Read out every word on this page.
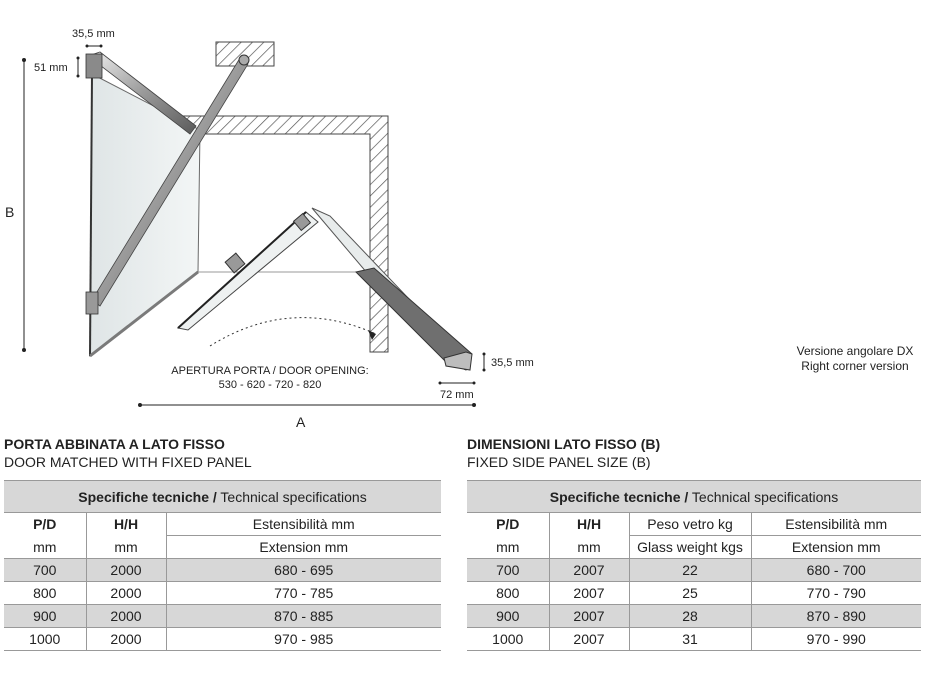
35,5 mm
51 mm
B
A
35,5 mm
72 mm
APERTURA PORTA / DOOR OPENING:
530 - 620 - 720 - 820
Versione angolare DX
Right corner version

PORTA ABBINATA A LATO FISSO

DOOR MATCHED WITH FIXED PANEL

Specifiche tecniche / Technical specifications		
P/D	H/H	Estensibilità mm
mm	mm	Extension mm
700	2000	680 - 695
800	2000	770 - 785
900	2000	870 - 885
1000	2000	970 - 985

DIMENSIONI LATO FISSO (B)

FIXED SIDE PANEL SIZE (B)

Specifiche tecniche / Technical specifications			
P/D	H/H	Peso vetro kg	Estensibilità mm
mm	mm	Glass weight kgs	Extension mm
700	2007	22	680 - 700
800	2007	25	770 - 790
900	2007	28	870 - 890
1000	2007	31	970 - 990
